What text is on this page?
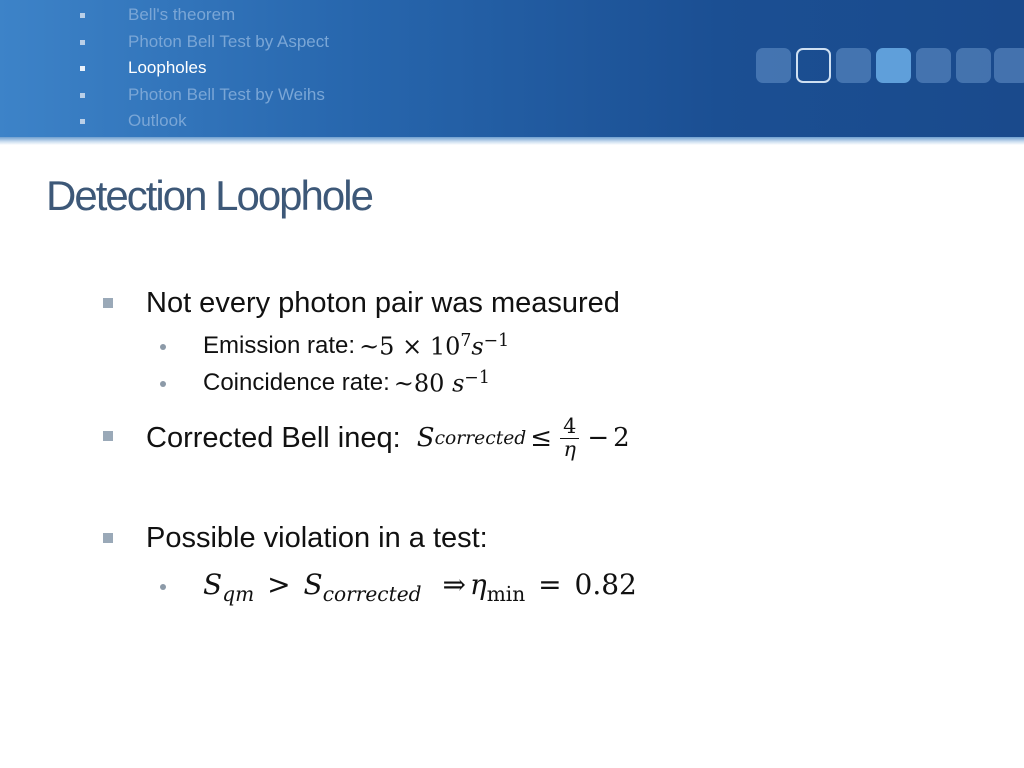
Bell's theorem
Photon Bell Test by Aspect
Loopholes
Photon Bell Test by Weihs
Outlook
Detection Loophole
Not every photon pair was measured
Emission rate: ~5 × $10^7s^{-1}$
Coincidence rate: ~80 $s^{-1}$
Corrected Bell ineq: S corrected ≤ $\frac{4}{\eta} - 2$
Possible violation in a test:
$S_{qm} > S_{corrected}$ ⇒ $\eta_{min} = 0.82$
